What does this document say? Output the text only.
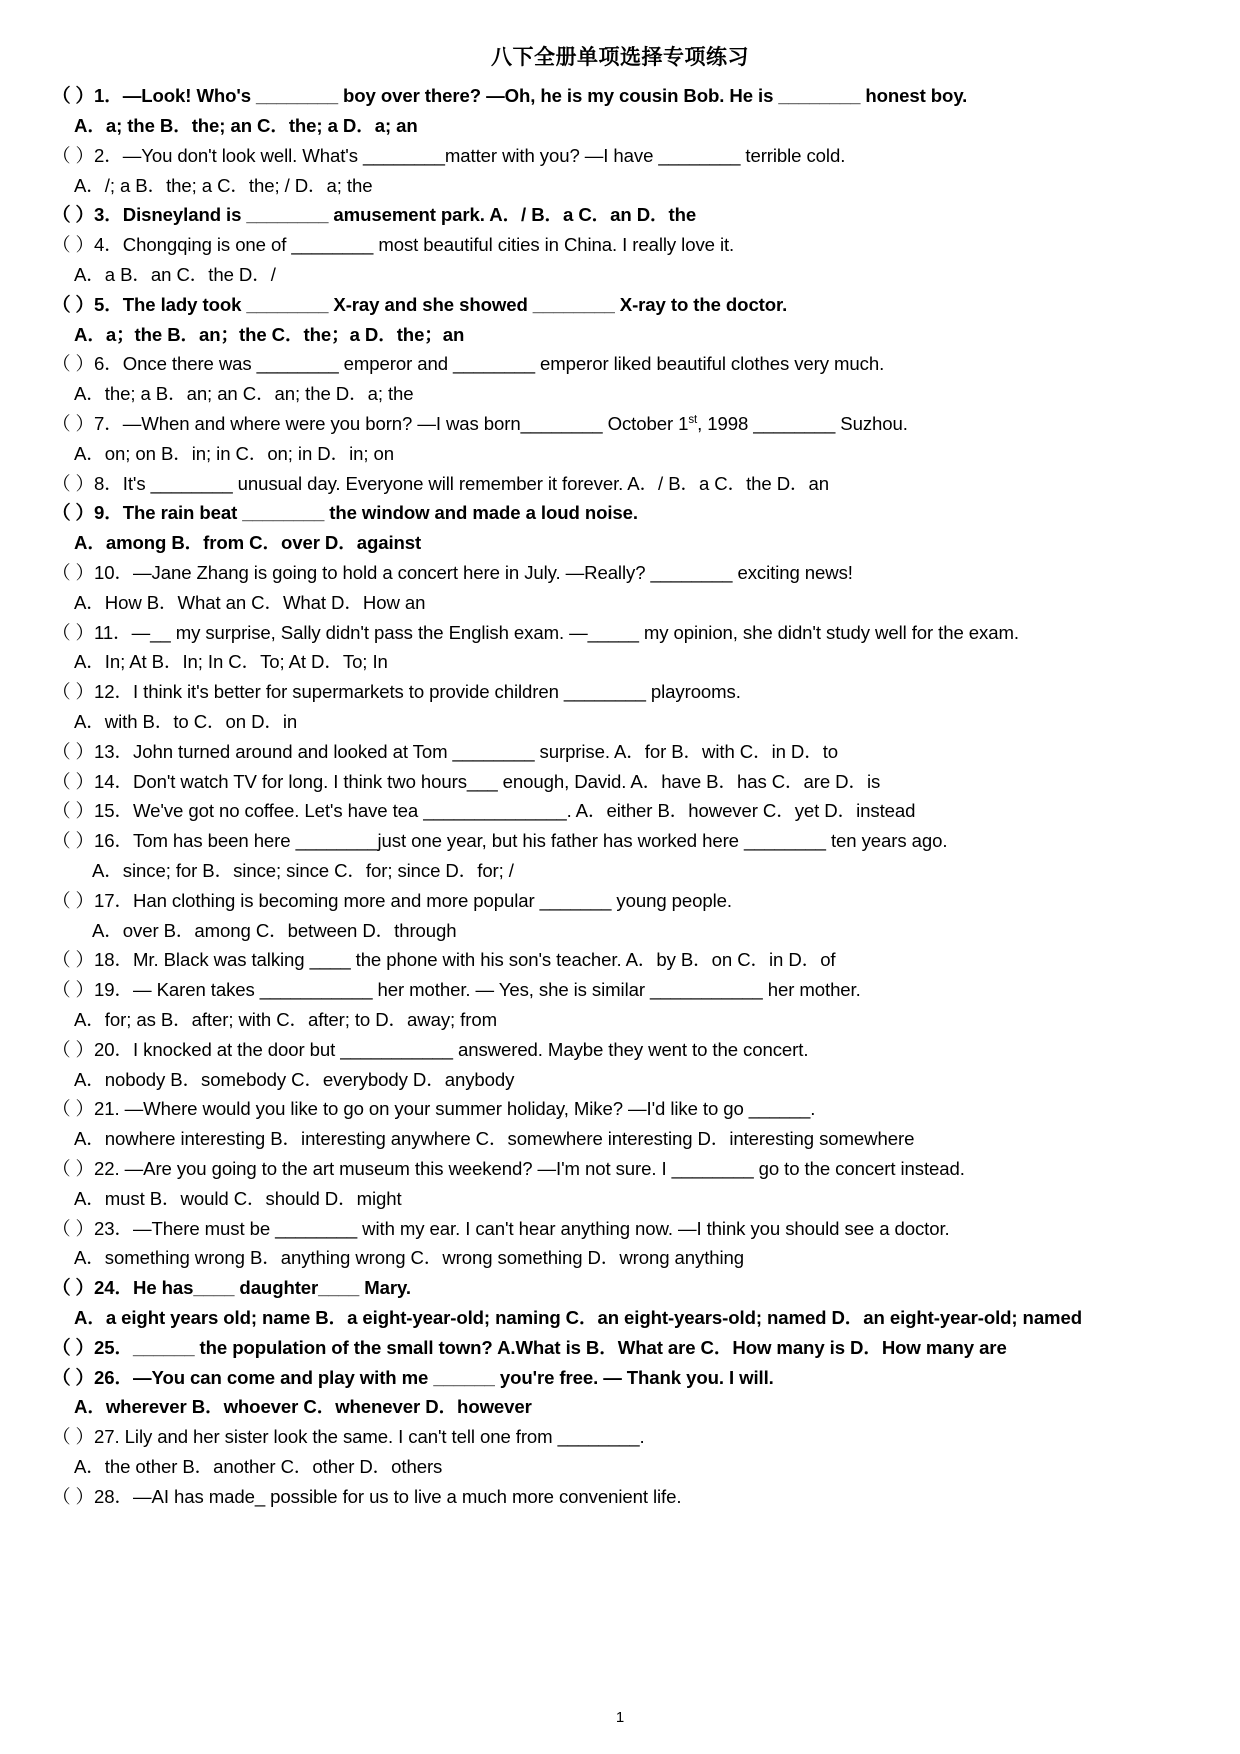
八下全册单项选择专项练习

（ ）1．—Look! Who's ________ boy over there? —Oh, he is my cousin Bob. He is ________ honest boy.

A．a; the B．the; an C．the; a D．a; an

（ ）2．—You don't look well. What's ________matter with you? —I have ________ terrible cold.

A．/; a B．the; a C．the; / D．a; the

（ ）3．Disneyland is ________ amusement park. A．/ B．a C．an D．the

（ ）4．Chongqing is one of ________ most beautiful cities in China. I really love it.

A．a B．an C．the D．/

（ ）5．The lady took ________ X-ray and she showed ________ X-ray to the doctor.

A．a；the B．an；the C．the；a D．the；an

（ ）6．Once there was ________ emperor and ________ emperor liked beautiful clothes very much.

A．the; a B．an; an C．an; the D．a; the

（ ）7．—When and where were you born? —I was born________ October 1st, 1998 ________ Suzhou.

A．on; on B．in; in C．on; in D．in; on

（ ）8．It's ________ unusual day. Everyone will remember it forever. A．/ B．a C．the D．an

（ ）9．The rain beat ________ the window and made a loud noise.

A．among B．from C．over D．against

（ ）10．—Jane Zhang is going to hold a concert here in July. —Really? ________ exciting news!

A．How B．What an C．What D．How an

（ ）11．—__ my surprise, Sally didn't pass the English exam. —_____ my opinion, she didn't study well for the exam.

A．In; At B．In; In C．To; At D．To; In

（ ）12．I think it's better for supermarkets to provide children ________ playrooms.

A．with B．to C．on D．in

（ ）13．John turned around and looked at Tom ________ surprise. A．for B．with C．in D．to

（ ）14．Don't watch TV for long. I think two hours___ enough, David. A．have B．has C．are D．is

（ ）15．We've got no coffee. Let's have tea ______________. A．either B．however C．yet D．instead

（ ）16．Tom has been here ________just one year, but his father has worked here ________ ten years ago.

A．since; for B．since; since C．for; since D．for; /

（ ）17．Han clothing is becoming more and more popular _______ young people.

A．over B．among C．between D．through

（ ）18．Mr. Black was talking ____ the phone with his son's teacher. A．by B．on C．in D．of

（ ）19．— Karen takes ___________ her mother. — Yes, she is similar ___________ her mother.

A．for; as B．after; with C．after; to D．away; from

（ ）20．I knocked at the door but ___________ answered. Maybe they went to the concert.

A．nobody B．somebody C．everybody D．anybody

（ ）21. —Where would you like to go on your summer holiday, Mike? —I'd like to go ______.

A．nowhere interesting B．interesting anywhere C．somewhere interesting D．interesting somewhere

（ ）22. —Are you going to the art museum this weekend? —I'm not sure. I ________ go to the concert instead.

A．must B．would C．should D．might

（ ）23．—There must be ________ with my ear. I can't hear anything now. —I think you should see a doctor.

A．something wrong B．anything wrong C．wrong something D．wrong anything

（ ）24．He has____ daughter____ Mary.

A．a eight years old; name B．a eight-year-old; naming C．an eight-years-old; named D．an eight-year-old; named

（ ）25．______ the population of the small town? A.What is B．What are C．How many is D．How many are

（ ）26．—You can come and play with me ______ you're free. — Thank you. I will.

A．wherever B．whoever C．whenever D．however

（ ）27. Lily and her sister look the same. I can't tell one from ________.

A．the other B．another C．other D．others

（ ）28．—AI has made_ possible for us to live a much more convenient life.

1
